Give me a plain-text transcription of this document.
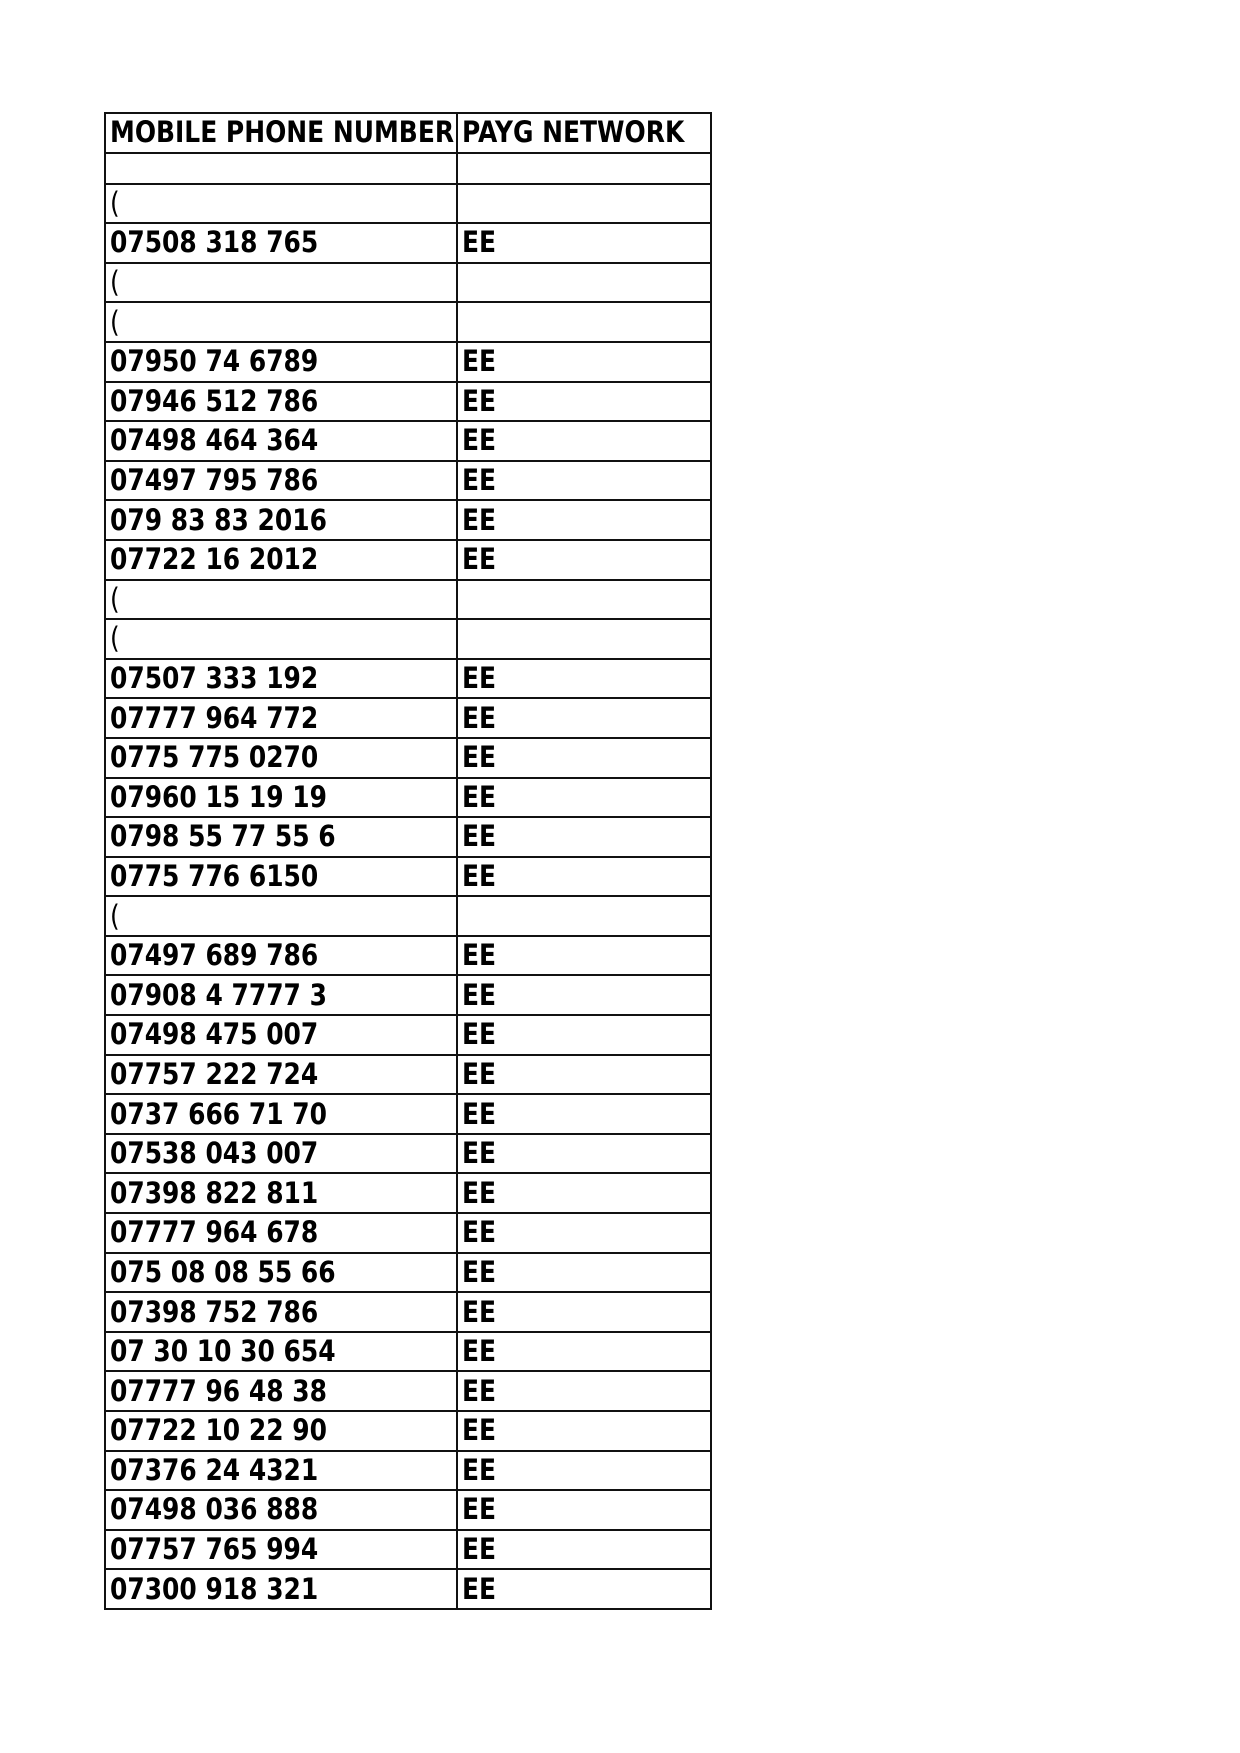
MOBILE PHONE NUMBER	PAYG NETWORK

(	
07508 318 765	EE
(	
(	
07950 74 6789	EE
07946 512 786	EE
07498 464 364	EE
07497 795 786	EE
079 83 83 2016	EE
07722 16 2012	EE
(	
(	
07507 333 192	EE
07777 964 772	EE
0775 775 0270	EE
07960 15 19 19	EE
0798 55 77 55 6	EE
0775 776 6150	EE
(	
07497 689 786	EE
07908 4 7777 3	EE
07498 475 007	EE
07757 222 724	EE
0737 666 71 70	EE
07538 043 007	EE
07398 822 811	EE
07777 964 678	EE
075 08 08 55 66	EE
07398 752 786	EE
07 30 10 30 654	EE
07777 96 48 38	EE
07722 10 22 90	EE
07376 24 4321	EE
07498 036 888	EE
07757 765 994	EE
07300 918 321	EE
